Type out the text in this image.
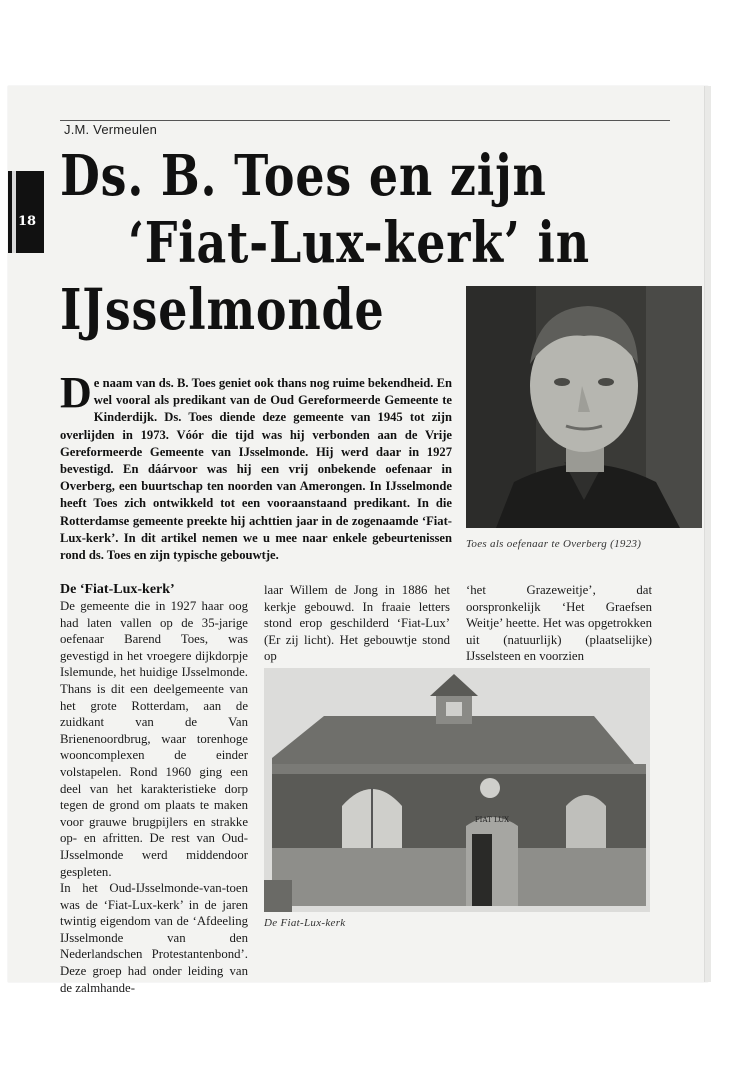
J.M. Vermeulen
18
Ds. B. Toes en zijn
‘Fiat-Lux-kerk’ in
IJsselmonde
Toes als oefenaar te Overberg (1923)
De naam van ds. B. Toes geniet ook thans nog ruime bekendheid. En wel vooral als predikant van de Oud Gereformeerde Gemeente te Kinderdijk. Ds. Toes diende deze gemeente van 1945 tot zijn overlijden in 1973. Vóór die tijd was hij verbonden aan de Vrije Gereformeerde Gemeente van IJsselmonde. Hij werd daar in 1927 bevestigd. En dáárvoor was hij een vrij onbekende oefenaar in Overberg, een buurtschap ten noorden van Amerongen. In IJsselmonde heeft Toes zich ontwikkeld tot een vooraanstaand predikant. In die Rotterdamse gemeente preekte hij achttien jaar in de zogenaamde ‘Fiat-Lux-kerk’. In dit artikel nemen we u mee naar enkele gebeurtenissen rond ds. Toes en zijn typische gebouwtje.
De ‘Fiat-Lux-kerk’

De gemeente die in 1927 haar oog had laten vallen op de 35-jarige oefenaar Barend Toes, was gevestigd in het vroegere dijkdorpje Islemunde, het huidige IJsselmonde. Thans is dit een deelgemeente van het grote Rotterdam, aan de zuidkant van de Van Brienenoordbrug, waar torenhoge wooncomplexen de einder volstapelen. Rond 1960 ging een deel van het karakteristieke dorp tegen de grond om plaats te maken voor grauwe brugpijlers en strakke op- en afritten. De rest van Oud-IJsselmonde werd middendoor gespleten.

In het Oud-IJsselmonde-van-toen was de ‘Fiat-Lux-kerk’ in de jaren twintig eigendom van de ‘Afdeeling IJsselmonde van den Nederlandschen Protestantenbond’. Deze groep had onder leiding van de zalmhande-

laar Willem de Jong in 1886 het kerkje gebouwd. In fraaie letters stond erop geschilderd ‘Fiat-Lux’ (Er zij licht). Het gebouwtje stond op

‘het Grazeweitje’, dat oorspronkelijk ‘Het Graefsen Weitje’ heette. Het was opgetrokken uit (natuurlijk) (plaatselijke) IJsselsteen en voorzien

FIAT LUX
De Fiat-Lux-kerk
